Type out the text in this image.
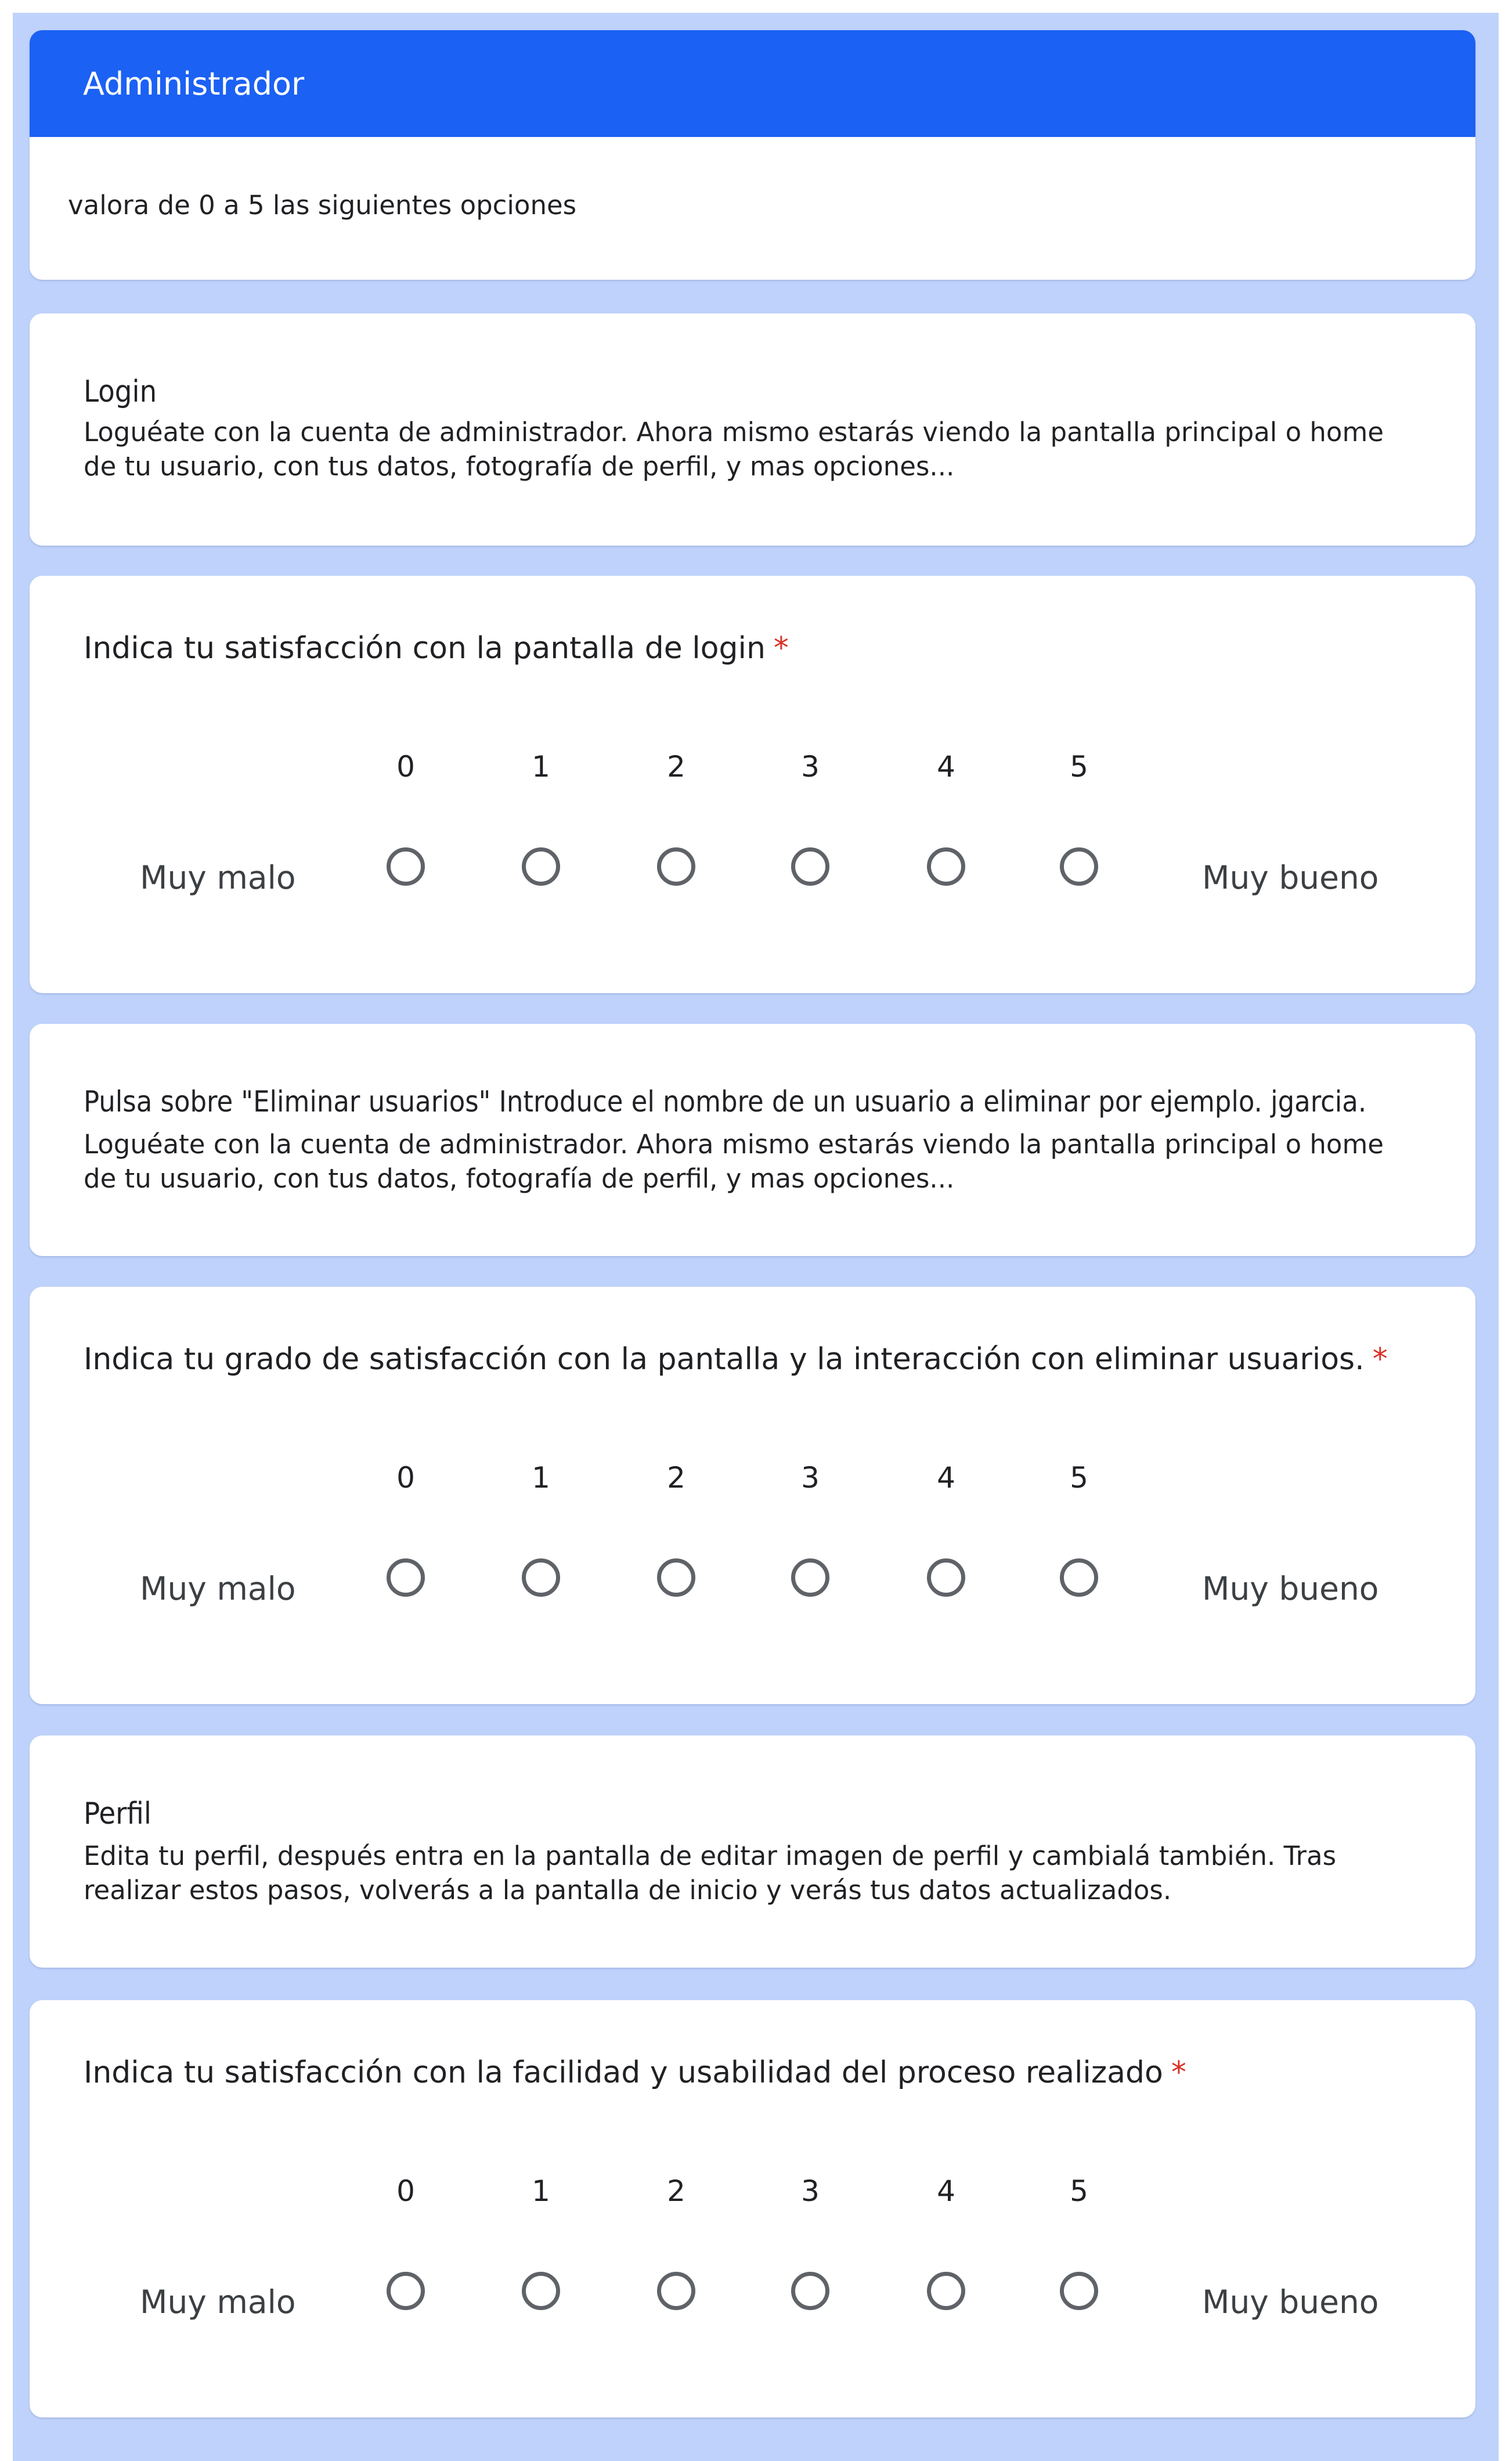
Administrador
valora de 0 a 5 las siguientes opciones
Login
Loguéate con la cuenta de administrador. Ahora mismo estarás viendo la pantalla principal o home de tu usuario, con tus datos, fotografía de perfil, y mas opciones...
Indica tu satisfacción con la pantalla de login *
0	1	2	3	4	5
Muy malo	Muy bueno
Pulsa sobre "Eliminar usuarios" Introduce el nombre de un usuario a eliminar por ejemplo. jgarcia.
Loguéate con la cuenta de administrador. Ahora mismo estarás viendo la pantalla principal o home de tu usuario, con tus datos, fotografía de perfil, y mas opciones...
Indica tu grado de satisfacción con la pantalla y la interacción con eliminar usuarios. *
0	1	2	3	4	5
Muy malo	Muy bueno
Perfil
Edita tu perfil, después entra en la pantalla de editar imagen de perfil y cambialá también. Tras realizar estos pasos, volverás a la pantalla de inicio y verás tus datos actualizados.
Indica tu satisfacción con la facilidad y usabilidad del proceso realizado *
0	1	2	3	4	5
Muy malo	Muy bueno
